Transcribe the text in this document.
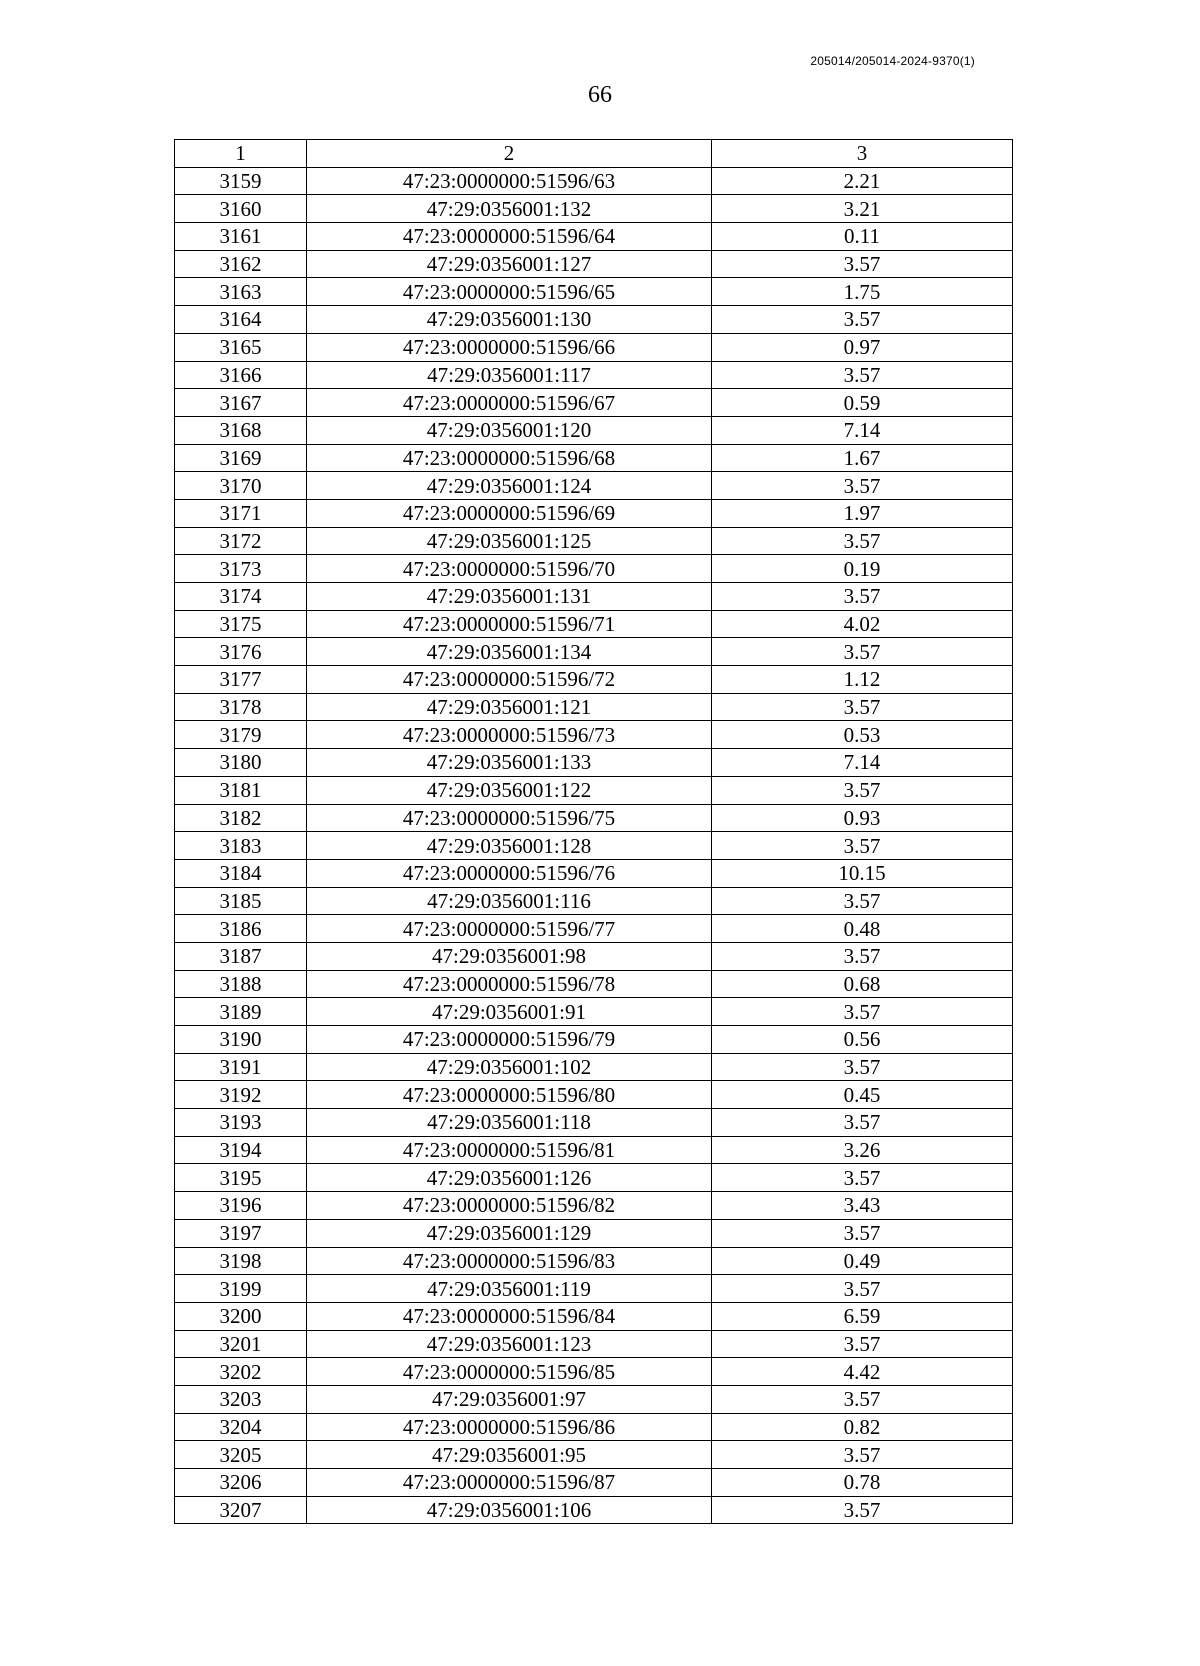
205014/205014-2024-9370(1)
66
1	2	3
3159	47:23:0000000:51596/63	2.21
3160	47:29:0356001:132	3.21
3161	47:23:0000000:51596/64	0.11
3162	47:29:0356001:127	3.57
3163	47:23:0000000:51596/65	1.75
3164	47:29:0356001:130	3.57
3165	47:23:0000000:51596/66	0.97
3166	47:29:0356001:117	3.57
3167	47:23:0000000:51596/67	0.59
3168	47:29:0356001:120	7.14
3169	47:23:0000000:51596/68	1.67
3170	47:29:0356001:124	3.57
3171	47:23:0000000:51596/69	1.97
3172	47:29:0356001:125	3.57
3173	47:23:0000000:51596/70	0.19
3174	47:29:0356001:131	3.57
3175	47:23:0000000:51596/71	4.02
3176	47:29:0356001:134	3.57
3177	47:23:0000000:51596/72	1.12
3178	47:29:0356001:121	3.57
3179	47:23:0000000:51596/73	0.53
3180	47:29:0356001:133	7.14
3181	47:29:0356001:122	3.57
3182	47:23:0000000:51596/75	0.93
3183	47:29:0356001:128	3.57
3184	47:23:0000000:51596/76	10.15
3185	47:29:0356001:116	3.57
3186	47:23:0000000:51596/77	0.48
3187	47:29:0356001:98	3.57
3188	47:23:0000000:51596/78	0.68
3189	47:29:0356001:91	3.57
3190	47:23:0000000:51596/79	0.56
3191	47:29:0356001:102	3.57
3192	47:23:0000000:51596/80	0.45
3193	47:29:0356001:118	3.57
3194	47:23:0000000:51596/81	3.26
3195	47:29:0356001:126	3.57
3196	47:23:0000000:51596/82	3.43
3197	47:29:0356001:129	3.57
3198	47:23:0000000:51596/83	0.49
3199	47:29:0356001:119	3.57
3200	47:23:0000000:51596/84	6.59
3201	47:29:0356001:123	3.57
3202	47:23:0000000:51596/85	4.42
3203	47:29:0356001:97	3.57
3204	47:23:0000000:51596/86	0.82
3205	47:29:0356001:95	3.57
3206	47:23:0000000:51596/87	0.78
3207	47:29:0356001:106	3.57
